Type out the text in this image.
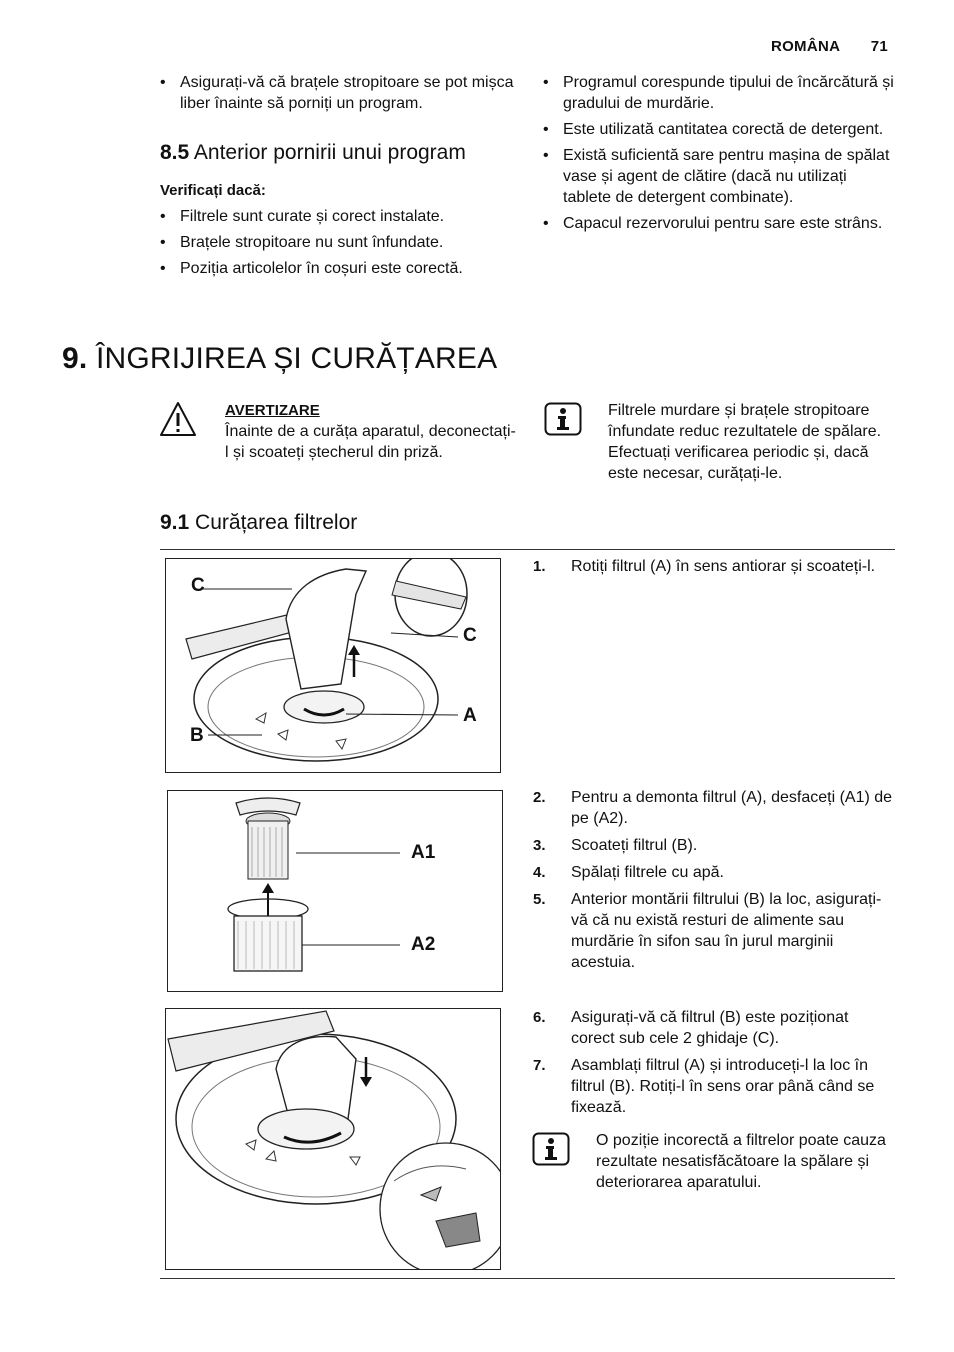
ROMÂNA 71
• Asigurați-vă că brațele stropitoare se pot mișca liber înainte să porniți un program.
8.5 Anterior pornirii unui program
Verificați dacă:
• Filtrele sunt curate și corect instalate.
• Brațele stropitoare nu sunt înfundate.
• Poziția articolelor în coșuri este corectă.
• Programul corespunde tipului de încărcătură și gradului de murdărie.
• Este utilizată cantitatea corectă de detergent.
• Există suficientă sare pentru mașina de spălat vase și agent de clătire (dacă nu utilizați tablete de detergent combinate).
• Capacul rezervorului pentru sare este strâns.
9. ÎNGRIJIREA ȘI CURĂȚAREA
AVERTIZARE
Înainte de a curăța aparatul, deconectați-l și scoateți ștecherul din priză.
Filtrele murdare și brațele stropitoare înfundate reduc rezultatele de spălare. Efectuați verificarea periodic și, dacă este necesar, curățați-le.
9.1 Curățarea filtrelor
C
C
A
B
1. Rotiți filtrul (A) în sens antiorar și scoateți-l.
A1
A2
2. Pentru a demonta filtrul (A), desfaceți (A1) de pe (A2).
3. Scoateți filtrul (B).
4. Spălați filtrele cu apă.
5. Anterior montării filtrului (B) la loc, asigurați-vă că nu există resturi de alimente sau murdărie în sifon sau în jurul marginii acestuia.
6. Asigurați-vă că filtrul (B) este poziționat corect sub cele 2 ghidaje (C).
7. Asamblați filtrul (A) și introduceți-l la loc în filtrul (B). Rotiți-l în sens orar până când se fixează.
O poziție incorectă a filtrelor poate cauza rezultate nesatisfăcătoare la spălare și deteriorarea aparatului.
